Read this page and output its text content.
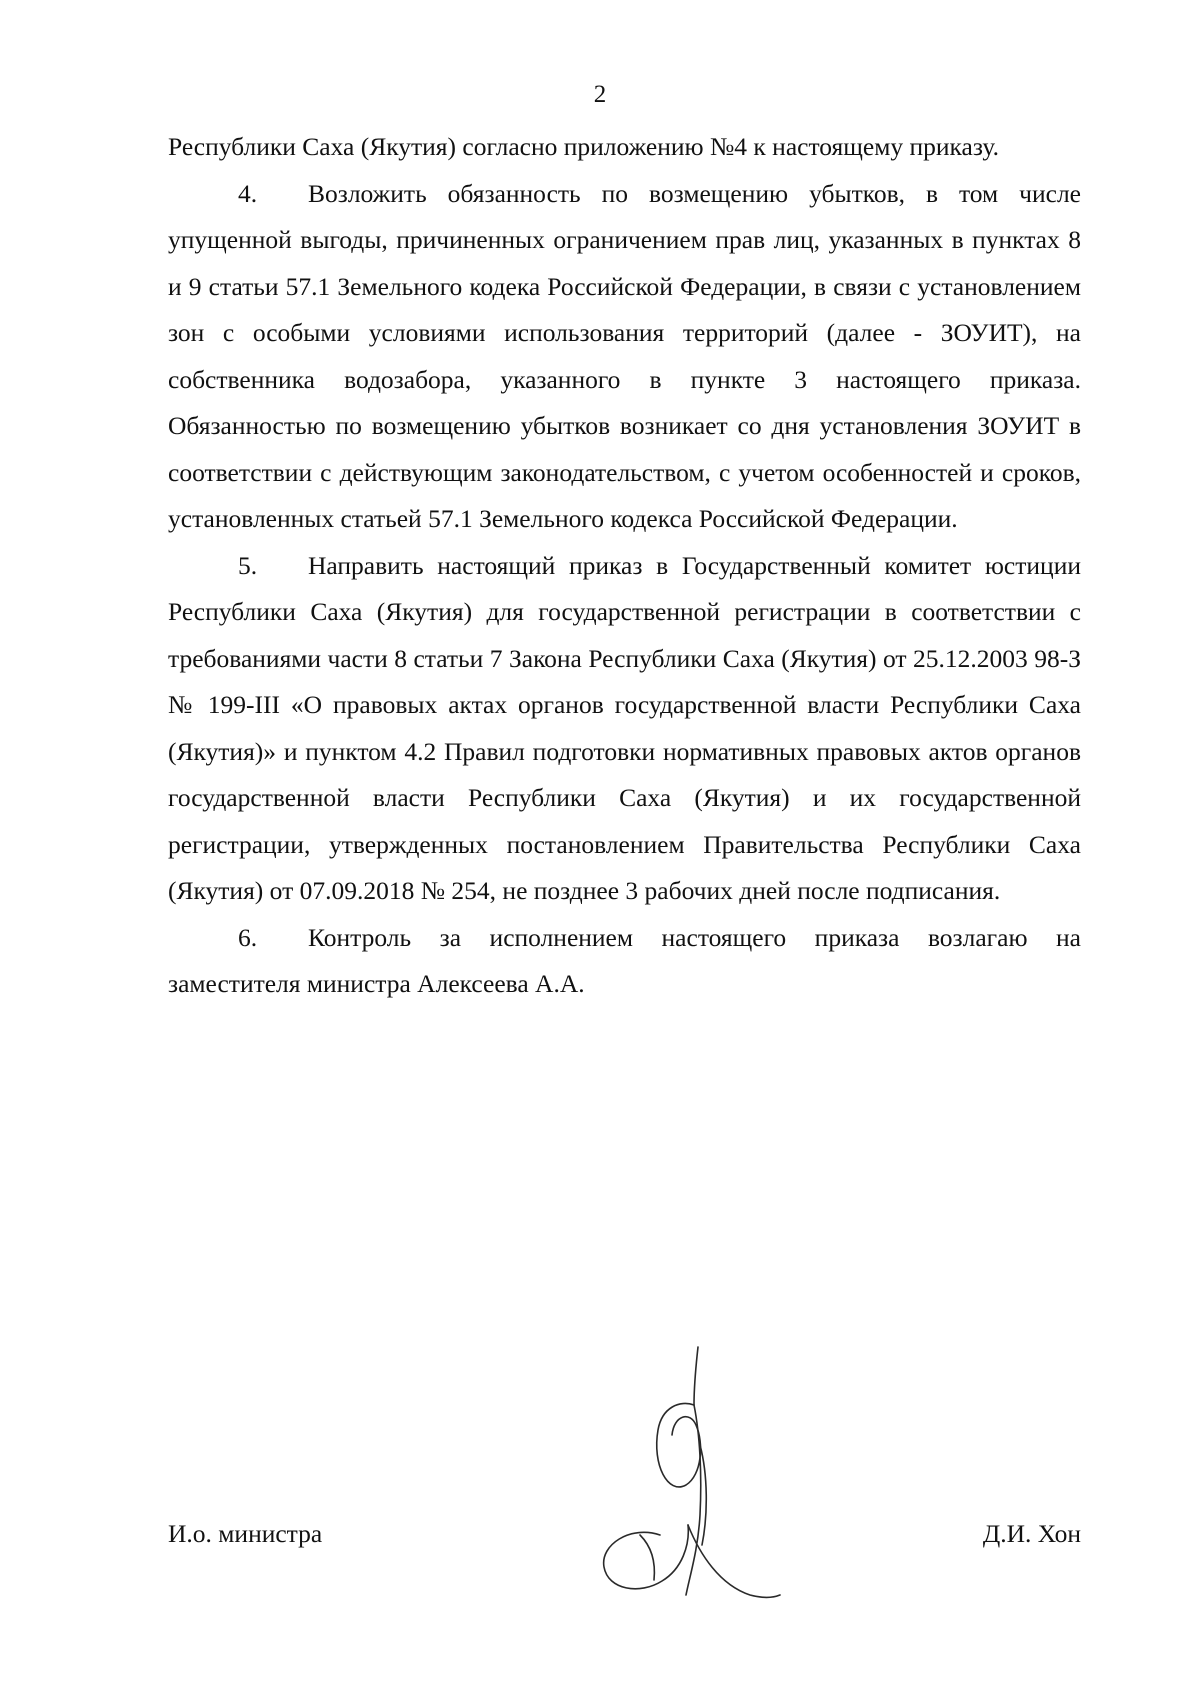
2

Республики Саха (Якутия) согласно приложению №4 к настоящему приказу.

4. Возложить обязанность по возмещению убытков, в том числе упущенной выгоды, причиненных ограничением прав лиц, указанных в пунктах 8 и 9 статьи 57.1 Земельного кодека Российской Федерации, в связи с установлением зон с особыми условиями использования территорий (далее - ЗОУИТ), на собственника водозабора, указанного в пункте 3 настоящего приказа. Обязанностью по возмещению убытков возникает со дня установления ЗОУИТ в соответствии с действующим законодательством, с учетом особенностей и сроков, установленных статьей 57.1 Земельного кодекса Российской Федерации.

5. Направить настоящий приказ в Государственный комитет юстиции Республики Саха (Якутия) для государственной регистрации в соответствии с требованиями части 8 статьи 7 Закона Республики Саха (Якутия) от 25.12.2003 98-З № 199-III «О правовых актах органов государственной власти Республики Саха (Якутия)» и пунктом 4.2 Правил подготовки нормативных правовых актов органов государственной власти Республики Саха (Якутия) и их государственной регистрации, утвержденных постановлением Правительства Республики Саха (Якутия) от 07.09.2018 № 254, не позднее 3 рабочих дней после подписания.

6. Контроль за исполнением настоящего приказа возлагаю на заместителя министра Алексеева А.А.

И.о. министра	Д.И. Хон
